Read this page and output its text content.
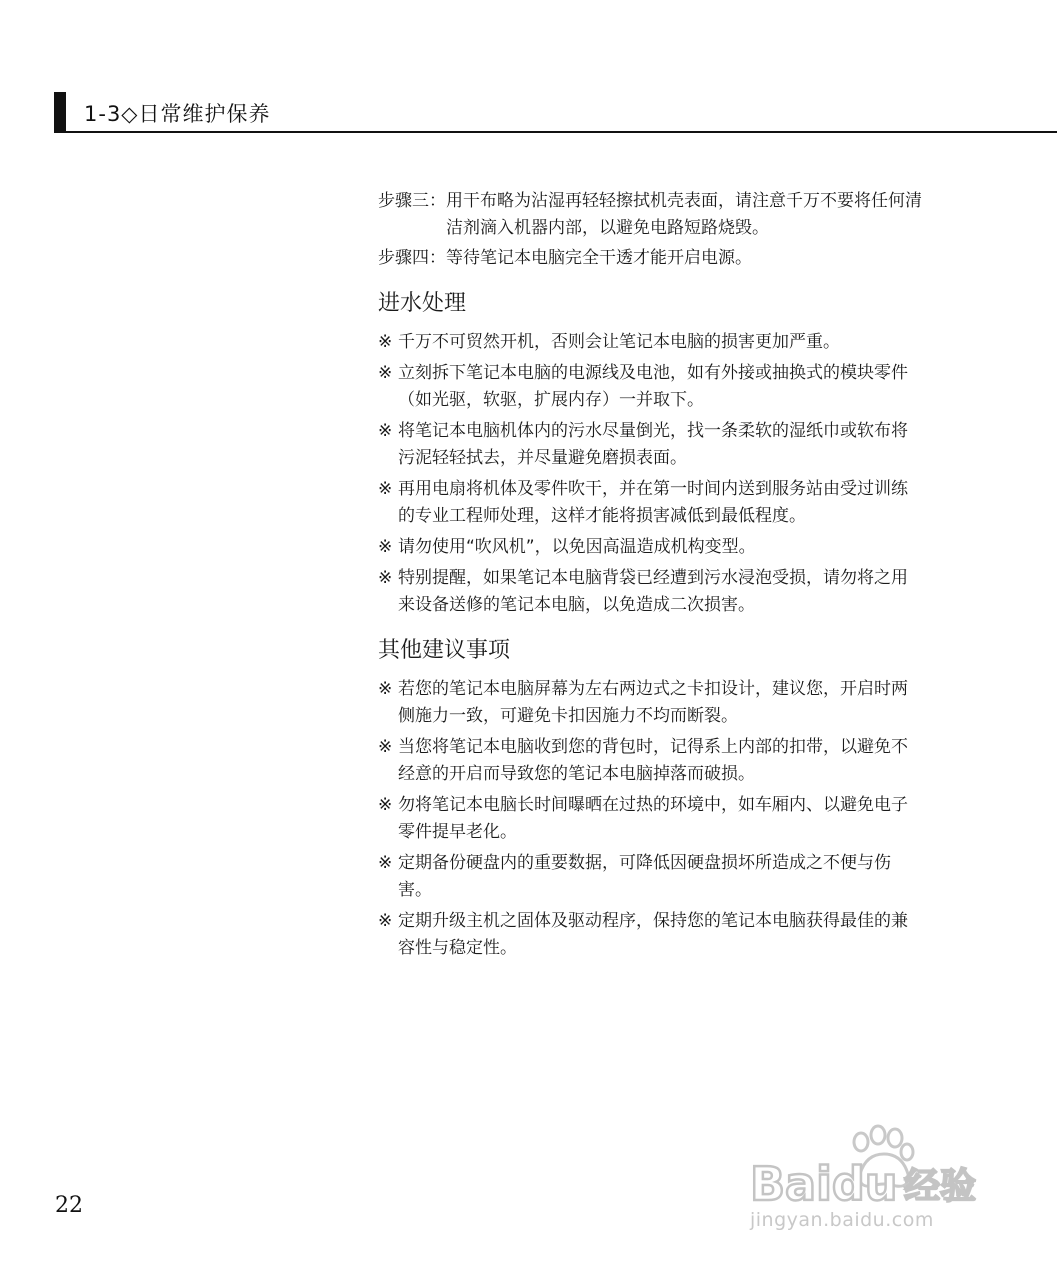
1-3◇日常维护保养
步骤三： 用干布略为沾湿再轻轻擦拭机壳表面，请注意千万不要将任何清洁剂滴入机器内部，以避免电路短路烧毁。
步骤四： 等待笔记本电脑完全干透才能开启电源。
进水处理
※ 千万不可贸然开机，否则会让笔记本电脑的损害更加严重。
※ 立刻拆下笔记本电脑的电源线及电池，如有外接或抽换式的模块零件（如光驱，软驱，扩展内存）一并取下。
※ 将笔记本电脑机体内的污水尽量倒光，找一条柔软的湿纸巾或软布将污泥轻轻拭去，并尽量避免磨损表面。
※ 再用电扇将机体及零件吹干，并在第一时间内送到服务站由受过训练的专业工程师处理，这样才能将损害减低到最低程度。
※ 请勿使用“吹风机”，以免因高温造成机构变型。
※ 特别提醒，如果笔记本电脑背袋已经遭到污水浸泡受损，请勿将之用来设备送修的笔记本电脑，以免造成二次损害。
其他建议事项
※ 若您的笔记本电脑屏幕为左右两边式之卡扣设计，建议您，开启时两侧施力一致，可避免卡扣因施力不均而断裂。
※ 当您将笔记本电脑收到您的背包时，记得系上内部的扣带，以避免不经意的开启而导致您的笔记本电脑掉落而破损。
※ 勿将笔记本电脑长时间曝晒在过热的环境中，如车厢内、以避免电子零件提早老化。
※ 定期备份硬盘内的重要数据，可降低因硬盘损坏所造成之不便与伤害。
※ 定期升级主机之固体及驱动程序，保持您的笔记本电脑获得最佳的兼容性与稳定性。
22	Baidu 经验
jingyan.baidu.com
